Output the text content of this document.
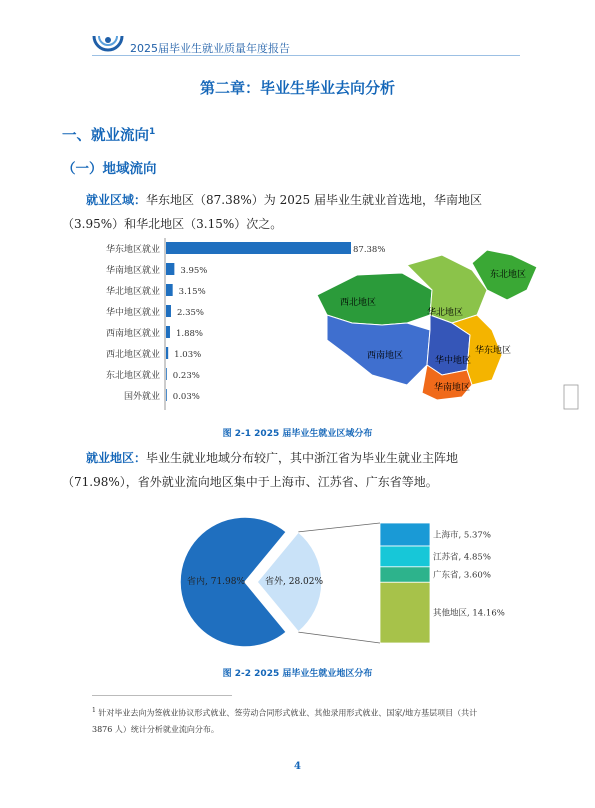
2025届毕业生就业质量年度报告
第二章：毕业生毕业去向分析
一、就业流向$^1$
（一）地域流向
就业区域：华东地区（87.38%）为 2025 届毕业生就业首选地，华南地区
（3.95%）和华北地区（3.15%）次之。
华东地区就业	87.38%
华南地区就业 3.95%
华北地区就业 3.15%
华中地区就业 2.35%
西南地区就业 1.88%
西北地区就业 1.03%
东北地区就业 0.23%
国外就业 0.03%
东北地区
西北地区
华北地区
西南地区	华中地区
华东地区
华南地区
图 2-1 2025 届毕业生就业区域分布
就业地区：毕业生就业地域分布较广，其中浙江省为毕业生就业主阵地
（71.98%），省外就业流向地区集中于上海市、江苏省、广东省等地。
省内, 71.98% 省外, 28.02%
上海市, 5.37%
江苏省, 4.85%
广东省, 3.60%
其他地区, 14.16%
图 2-2 2025 届毕业生就业地区分布
$^1$ 针对毕业去向为签就业协议形式就业、签劳动合同形式就业、其他录用形式就业、国家/地方基层项目（共计
3876 人）统计分析就业流向分布。
4
